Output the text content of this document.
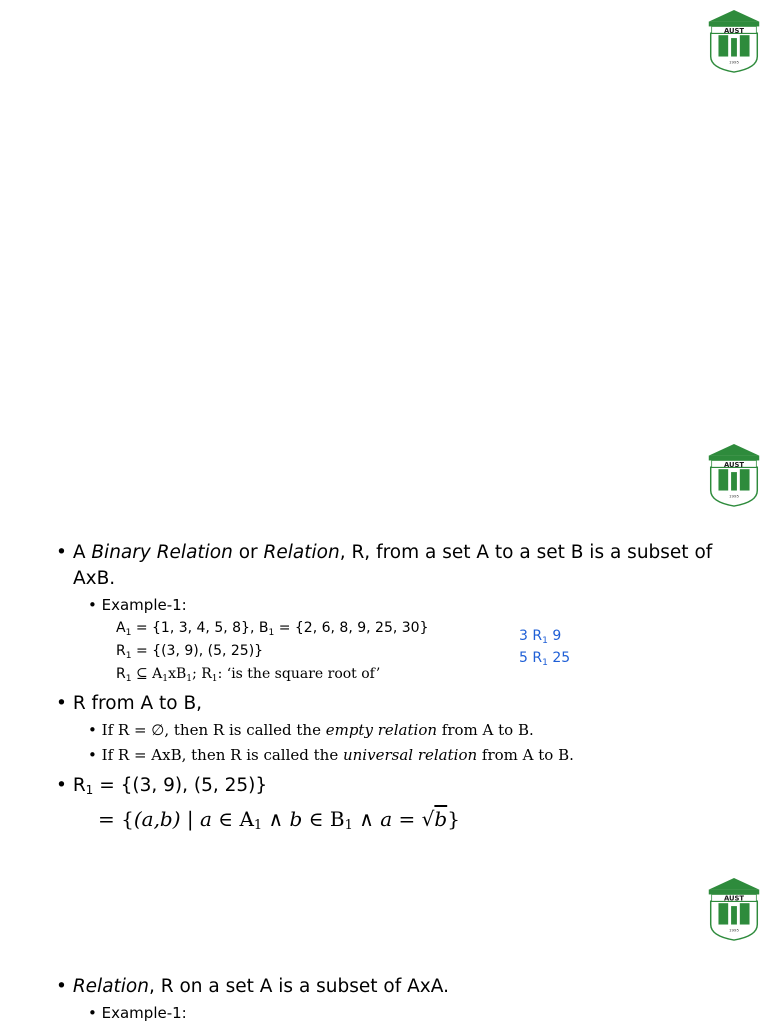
• A Binary Relation or Relation, R, from a set A to a set B is a subset of
AxB.
• Example-1:
$A_1 = \{1$, 3, 4, 5, 8}, $B_1 = \{2$, 6, 8, 9, 25, 30}
$R_1 = \{(3$, 9), (5, 25)}
$R_1$ ⊆ $A_1xB_1$; $R_1$: ‘is the square root of’
3 $R_1$ 9
5 $R_1$ 25
• R from A to B,
• If R = ∅, then R is called the empty relation from A to B.
• If R = AxB, then R is called the universal relation from A to B.
• $R_1 = \{(3$, 9), (5, 25)}
= {(a,b) | a ∈ $A_1$ ∧ b ∈ $B_1$ ∧ a = √b}
• Relation, R on a set A is a subset of AxA.
• Example-1:
